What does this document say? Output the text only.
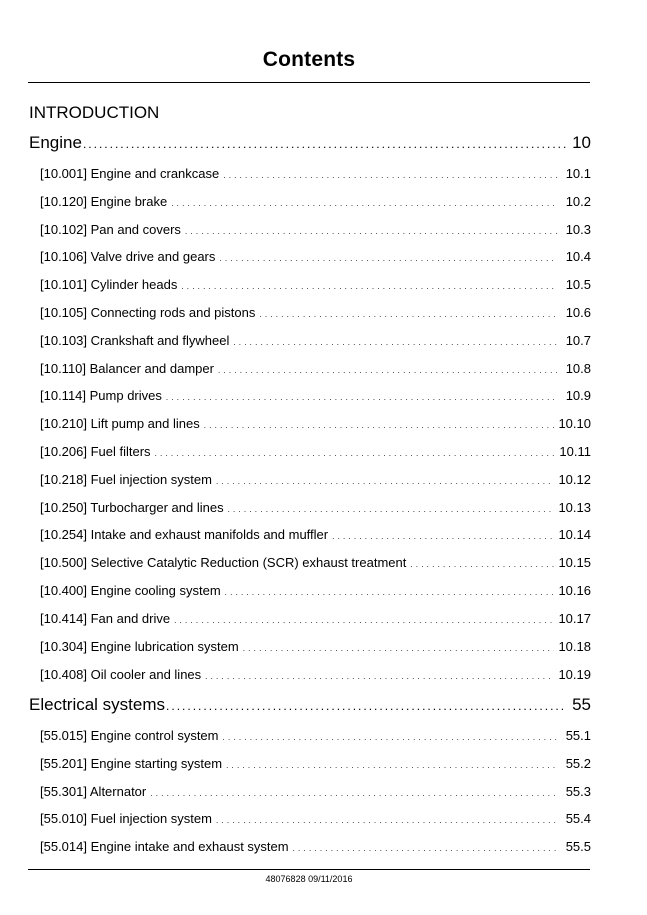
Contents
INTRODUCTION
Engine .....	10
[10.001] Engine and crankcase . . .	10.1
[10.120] Engine brake . . .	10.2
[10.102] Pan and covers . . .	10.3
[10.106] Valve drive and gears . . .	10.4
[10.101] Cylinder heads . . .	10.5
[10.105] Connecting rods and pistons . . .	10.6
[10.103] Crankshaft and flywheel . . .	10.7
[10.110] Balancer and damper . . .	10.8
[10.114] Pump drives . . .	10.9
[10.210] Lift pump and lines . . .	10.10
[10.206] Fuel filters . . .	10.11
[10.218] Fuel injection system . . .	10.12
[10.250] Turbocharger and lines . . .	10.13
[10.254] Intake and exhaust manifolds and muffler . . .	10.14
[10.500] Selective Catalytic Reduction (SCR) exhaust treatment . . .	10.15
[10.400] Engine cooling system . . .	10.16
[10.414] Fan and drive . . .	10.17
[10.304] Engine lubrication system . . .	10.18
[10.408] Oil cooler and lines . . .	10.19
Electrical systems .....	55
[55.015] Engine control system . . .	55.1
[55.201] Engine starting system . . .	55.2
[55.301] Alternator . . .	55.3
[55.010] Fuel injection system . . .	55.4
[55.014] Engine intake and exhaust system . . .	55.5
48076828 09/11/2016
